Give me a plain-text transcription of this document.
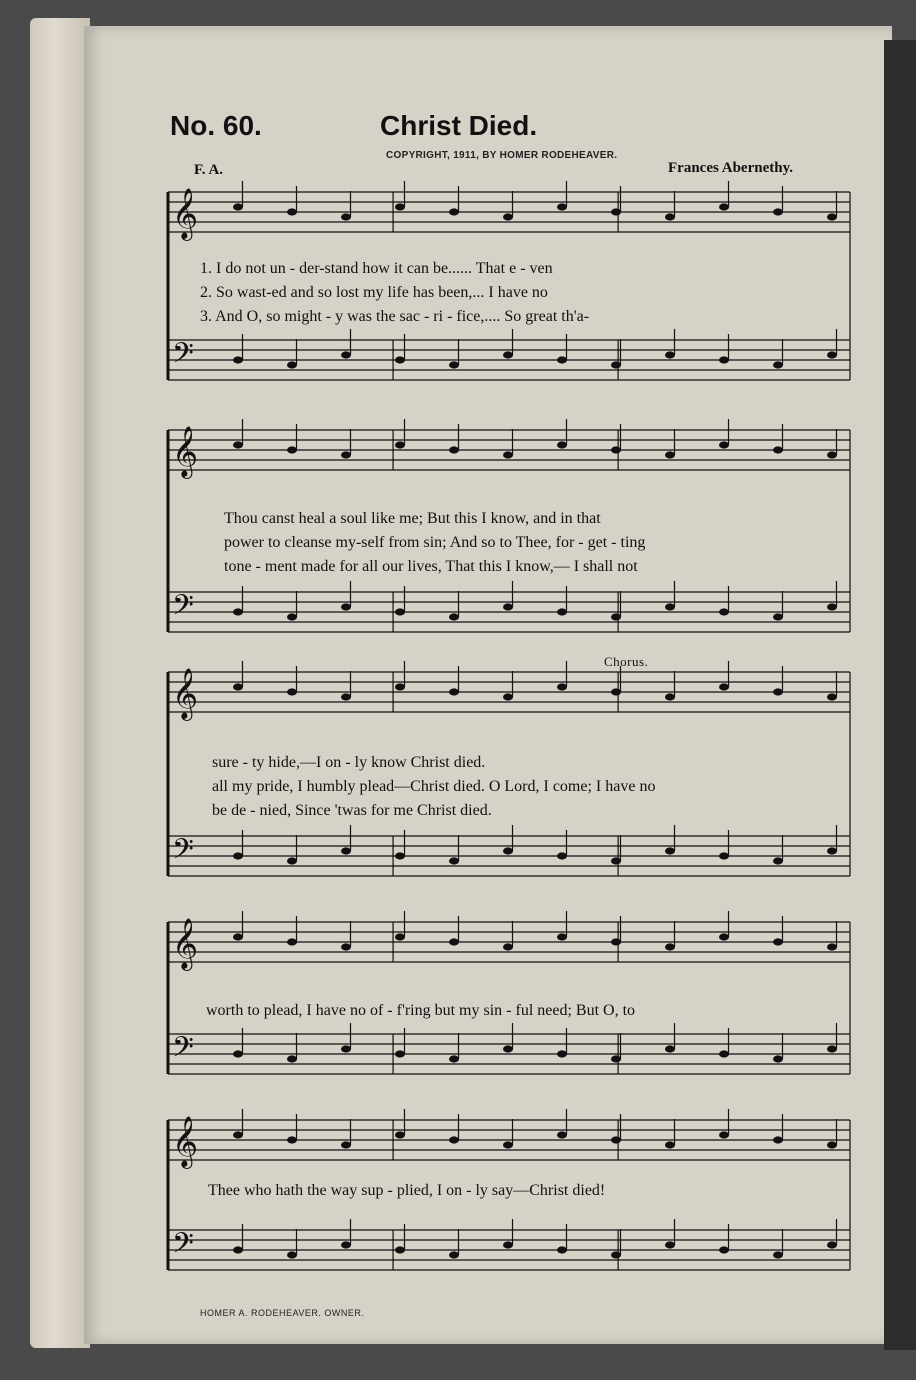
𝄞
𝄢
𝄞
𝄢
𝄞
𝄢
𝄞
𝄢
𝄞
𝄢
No. 60.	Christ Died.
COPYRIGHT, 1911, BY HOMER RODEHEAVER.
F. A.	Frances Abernethy.
Chorus.
1. I do not un - der-stand how it can be...... That e - ven
2. So wast-ed and so lost my life has been,... I have no
3. And O, so might - y was the sac - ri - fice,.... So great th'a-
Thou canst heal a soul like me; But this I know, and in that
power to cleanse my-self from sin; And so to Thee, for - get - ting
tone - ment made for all our lives, That this I know,— I shall not
sure - ty hide,—I on - ly know Christ died.
all my pride, I humbly plead—Christ died. O Lord, I come; I have no
be de - nied, Since 'twas for me Christ died.
worth to plead, I have no of - f'ring but my sin - ful need; But O, to
Thee who hath the way sup - plied, I on - ly say—Christ died!
HOMER A. RODEHEAVER. OWNER.
